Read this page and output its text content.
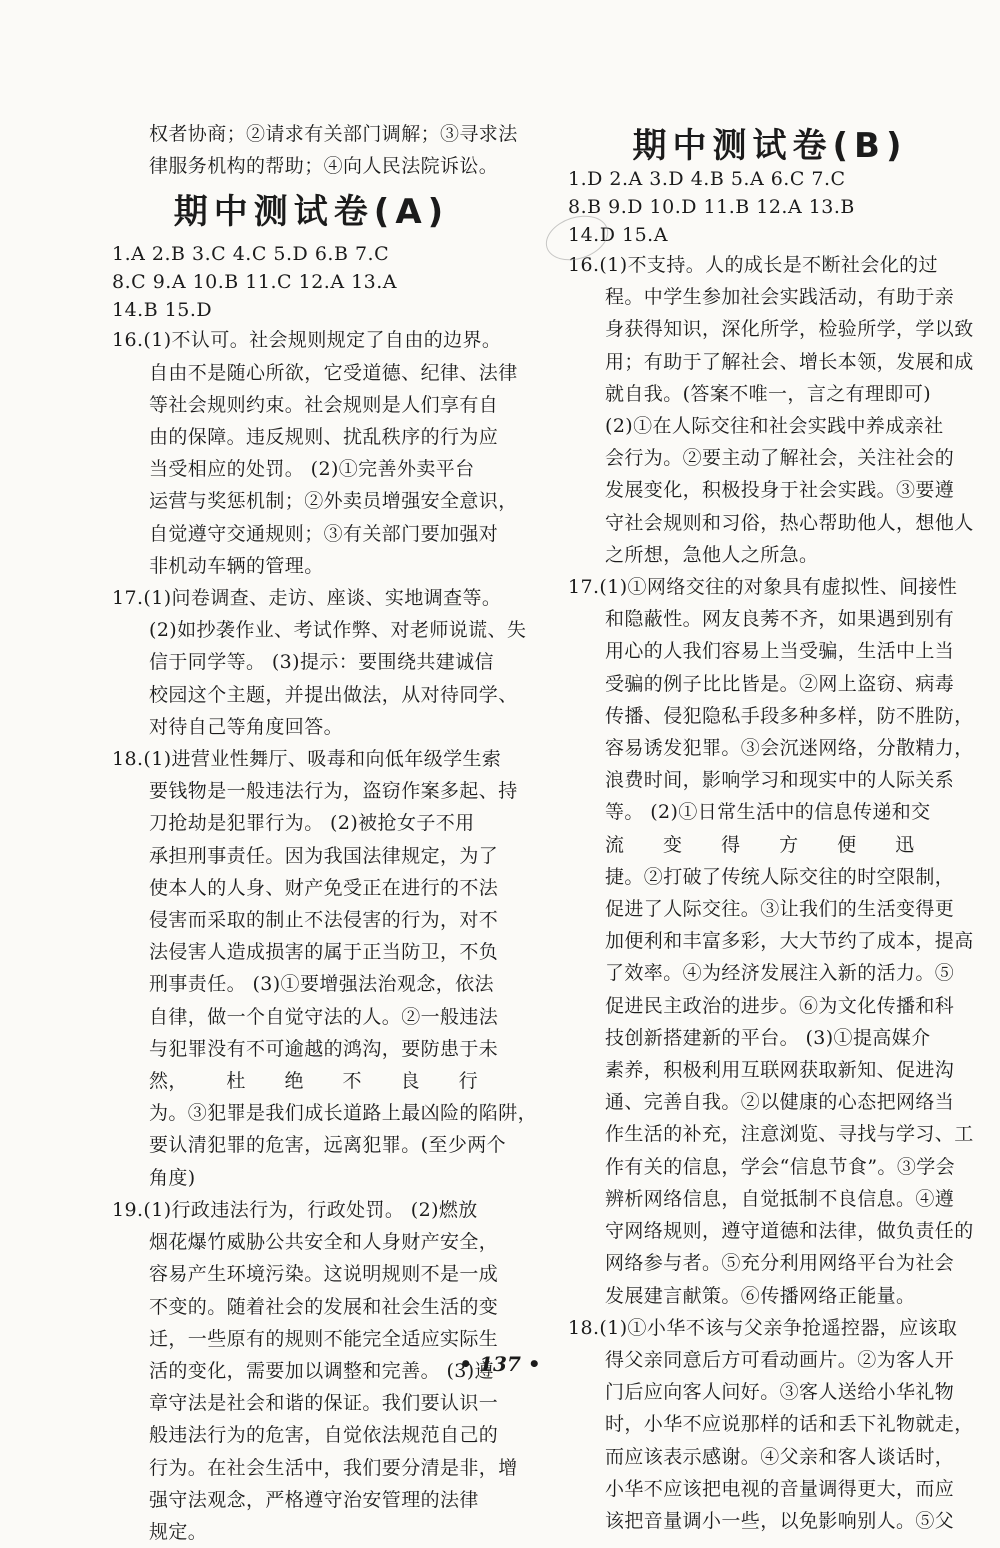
权者协商；②请求有关部门调解；③寻求法
律服务机构的帮助；④向人民法院诉讼。
期中测试卷(A)
1.A 2.B 3.C 4.C 5.D 6.B 7.C
8.C 9.A 10.B 11.C 12.A 13.A
14.B 15.D
16.(1)不认可。社会规则规定了自由的边界。
自由不是随心所欲，它受道德、纪律、法律
等社会规则约束。社会规则是人们享有自
由的保障。违反规则、扰乱秩序的行为应
当受相应的处罚。 (2)①完善外卖平台
运营与奖惩机制；②外卖员增强安全意识，
自觉遵守交通规则；③有关部门要加强对
非机动车辆的管理。
17.(1)问卷调查、走访、座谈、实地调查等。
(2)如抄袭作业、考试作弊、对老师说谎、失
信于同学等。 (3)提示：要围绕共建诚信
校园这个主题，并提出做法，从对待同学、
对待自己等角度回答。
18.(1)进营业性舞厅、吸毒和向低年级学生索
要钱物是一般违法行为，盗窃作案多起、持
刀抢劫是犯罪行为。 (2)被抢女子不用
承担刑事责任。因为我国法律规定，为了
使本人的人身、财产免受正在进行的不法
侵害而采取的制止不法侵害的行为，对不
法侵害人造成损害的属于正当防卫，不负
刑事责任。 (3)①要增强法治观念，依法
自律，做一个自觉守法的人。②一般违法
与犯罪没有不可逾越的鸿沟，要防患于未
然，      杜      绝      不      良      行
为。③犯罪是我们成长道路上最凶险的陷阱，
要认清犯罪的危害，远离犯罪。(至少两个
角度)
19.(1)行政违法行为，行政处罚。 (2)燃放
烟花爆竹威胁公共安全和人身财产安全，
容易产生环境污染。这说明规则不是一成
不变的。随着社会的发展和社会生活的变
迁，一些原有的规则不能完全适应实际生
活的变化，需要加以调整和完善。 (3)遵
章守法是社会和谐的保证。我们要认识一
般违法行为的危害，自觉依法规范自己的
行为。在社会生活中，我们要分清是非，增
强守法观念，严格遵守治安管理的法律
规定。
期中测试卷(B)
1.D 2.A 3.D 4.B 5.A 6.C 7.C
8.B 9.D 10.D 11.B 12.A 13.B
14.D 15.A
16.(1)不支持。人的成长是不断社会化的过
程。中学生参加社会实践活动，有助于亲
身获得知识，深化所学，检验所学，学以致
用；有助于了解社会、增长本领，发展和成
就自我。(答案不唯一，言之有理即可)
(2)①在人际交往和社会实践中养成亲社
会行为。②要主动了解社会，关注社会的
发展变化，积极投身于社会实践。③要遵
守社会规则和习俗，热心帮助他人，想他人
之所想，急他人之所急。
17.(1)①网络交往的对象具有虚拟性、间接性
和隐蔽性。网友良莠不齐，如果遇到别有
用心的人我们容易上当受骗，生活中上当
受骗的例子比比皆是。②网上盗窃、病毒
传播、侵犯隐私手段多种多样，防不胜防，
容易诱发犯罪。③会沉迷网络，分散精力，
浪费时间，影响学习和现实中的人际关系
等。 (2)①日常生活中的信息传递和交
流      变      得      方      便      迅
捷。②打破了传统人际交往的时空限制，
促进了人际交往。③让我们的生活变得更
加便利和丰富多彩，大大节约了成本，提高
了效率。④为经济发展注入新的活力。⑤
促进民主政治的进步。⑥为文化传播和科
技创新搭建新的平台。 (3)①提高媒介
素养，积极利用互联网获取新知、促进沟
通、完善自我。②以健康的心态把网络当
作生活的补充，注意浏览、寻找与学习、工
作有关的信息，学会“信息节食”。③学会
辨析网络信息，自觉抵制不良信息。④遵
守网络规则，遵守道德和法律，做负责任的
网络参与者。⑤充分利用网络平台为社会
发展建言献策。⑥传播网络正能量。
18.(1)①小华不该与父亲争抢遥控器，应该取
得父亲同意后方可看动画片。②为客人开
门后应向客人问好。③客人送给小华礼物
时，小华不应说那样的话和丢下礼物就走，
而应该表示感谢。④父亲和客人谈话时，
小华不应该把电视的音量调得更大，而应
该把音量调小一些，以免影响别人。⑤父
• 137 •
